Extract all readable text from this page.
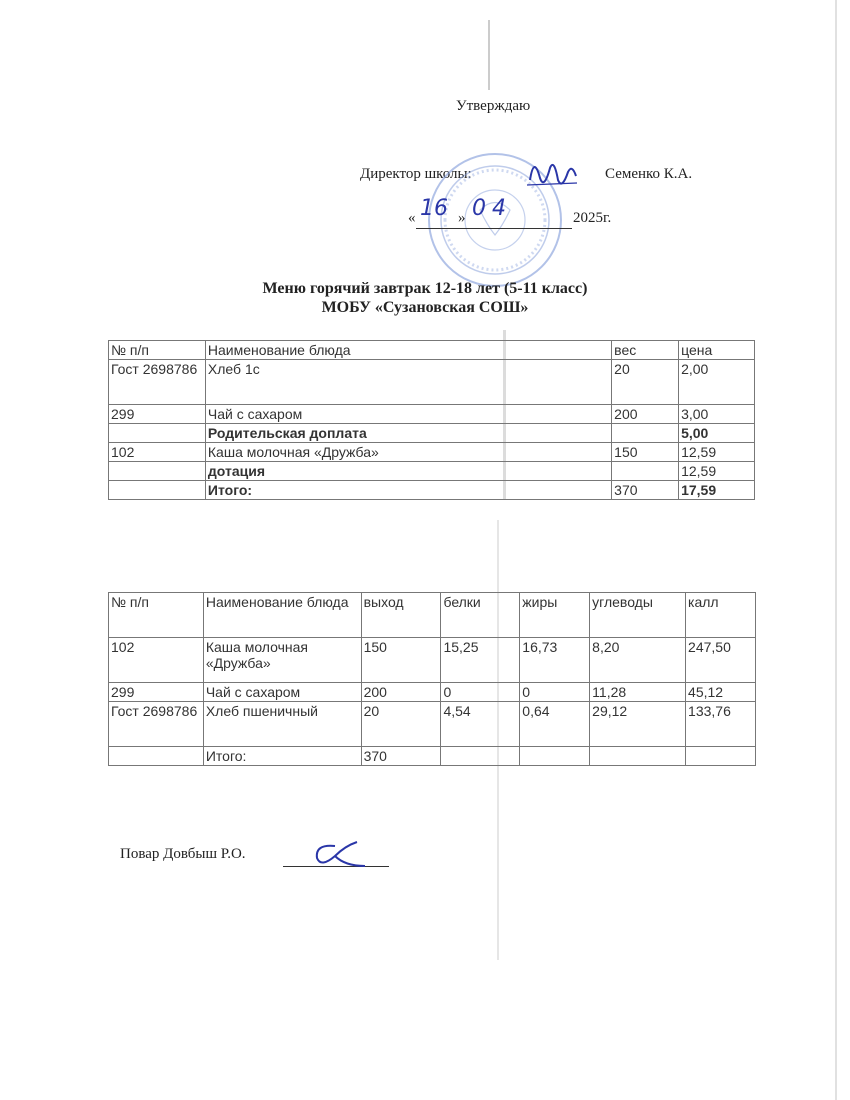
Утверждаю
Директор школы:	Семенко К.А.
« 16 » 04	2025г.
Меню горячий завтрак 12-18 лет (5-11 класс)
МОБУ «Сузановская СОШ»
№ п/п	Наименование блюда	вес	цена
Гост 2698786	Хлеб 1с	20	2,00
299	Чай с сахаром	200	3,00
	Родительская доплата		5,00
102	Каша молочная «Дружба»	150	12,59
	дотация		12,59
	Итого:	370	17,59
№ п/п	Наименование блюда	выход	белки	жиры	углеводы	калл
102	Каша молочная «Дружба»	150	15,25	16,73	8,20	247,50
299	Чай с сахаром	200	0	0	11,28	45,12
Гост 2698786	Хлеб пшеничный	20	4,54	0,64	29,12	133,76
	Итого:	370				
Повар Довбыш Р.О.
